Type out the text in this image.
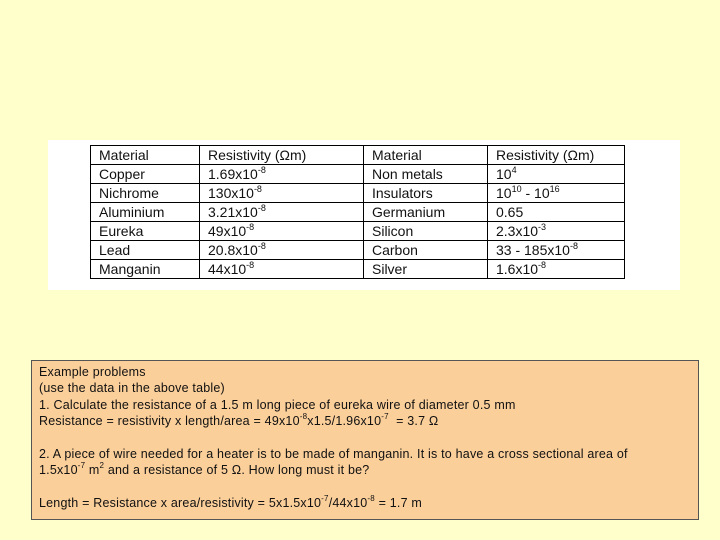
Material	Resistivity (Ωm)	Material	Resistivity (Ωm)
Copper	$1.69x10^{-8}$	Non metals	$10^4$
Nichrome	$130x10^{-8}$	Insulators	$10^{10} - 10^{16}$
Aluminium	$3.21x10^{-8}$	Germanium	0.65
Eureka	$49x10^{-8}$	Silicon	$2.3x10^{-3}$
Lead	$20.8x10^{-8}$	Carbon	$33 - 185x10^{-8}$
Manganin	$44x10^{-8}$	Silver	$1.6x10^{-8}$
Example problems
(use the data in the above table)
1. Calculate the resistance of a 1.5 m long piece of eureka wire of diameter 0.5 mm
Resistance = resistivity x length/area = $49x10^{-8}x1.5/1.96x10^{-7} = 3.7$ Ω
2. A piece of wire needed for a heater is to be made of manganin. It is to have a cross sectional area of
$1.5x10^{-7}$ $m^2$ and a resistance of 5 Ω. How long must it be?
Length = Resistance x area/resistivity = $5x1.5x10^{-7}/44x10^{-8} = 1.7$ m
